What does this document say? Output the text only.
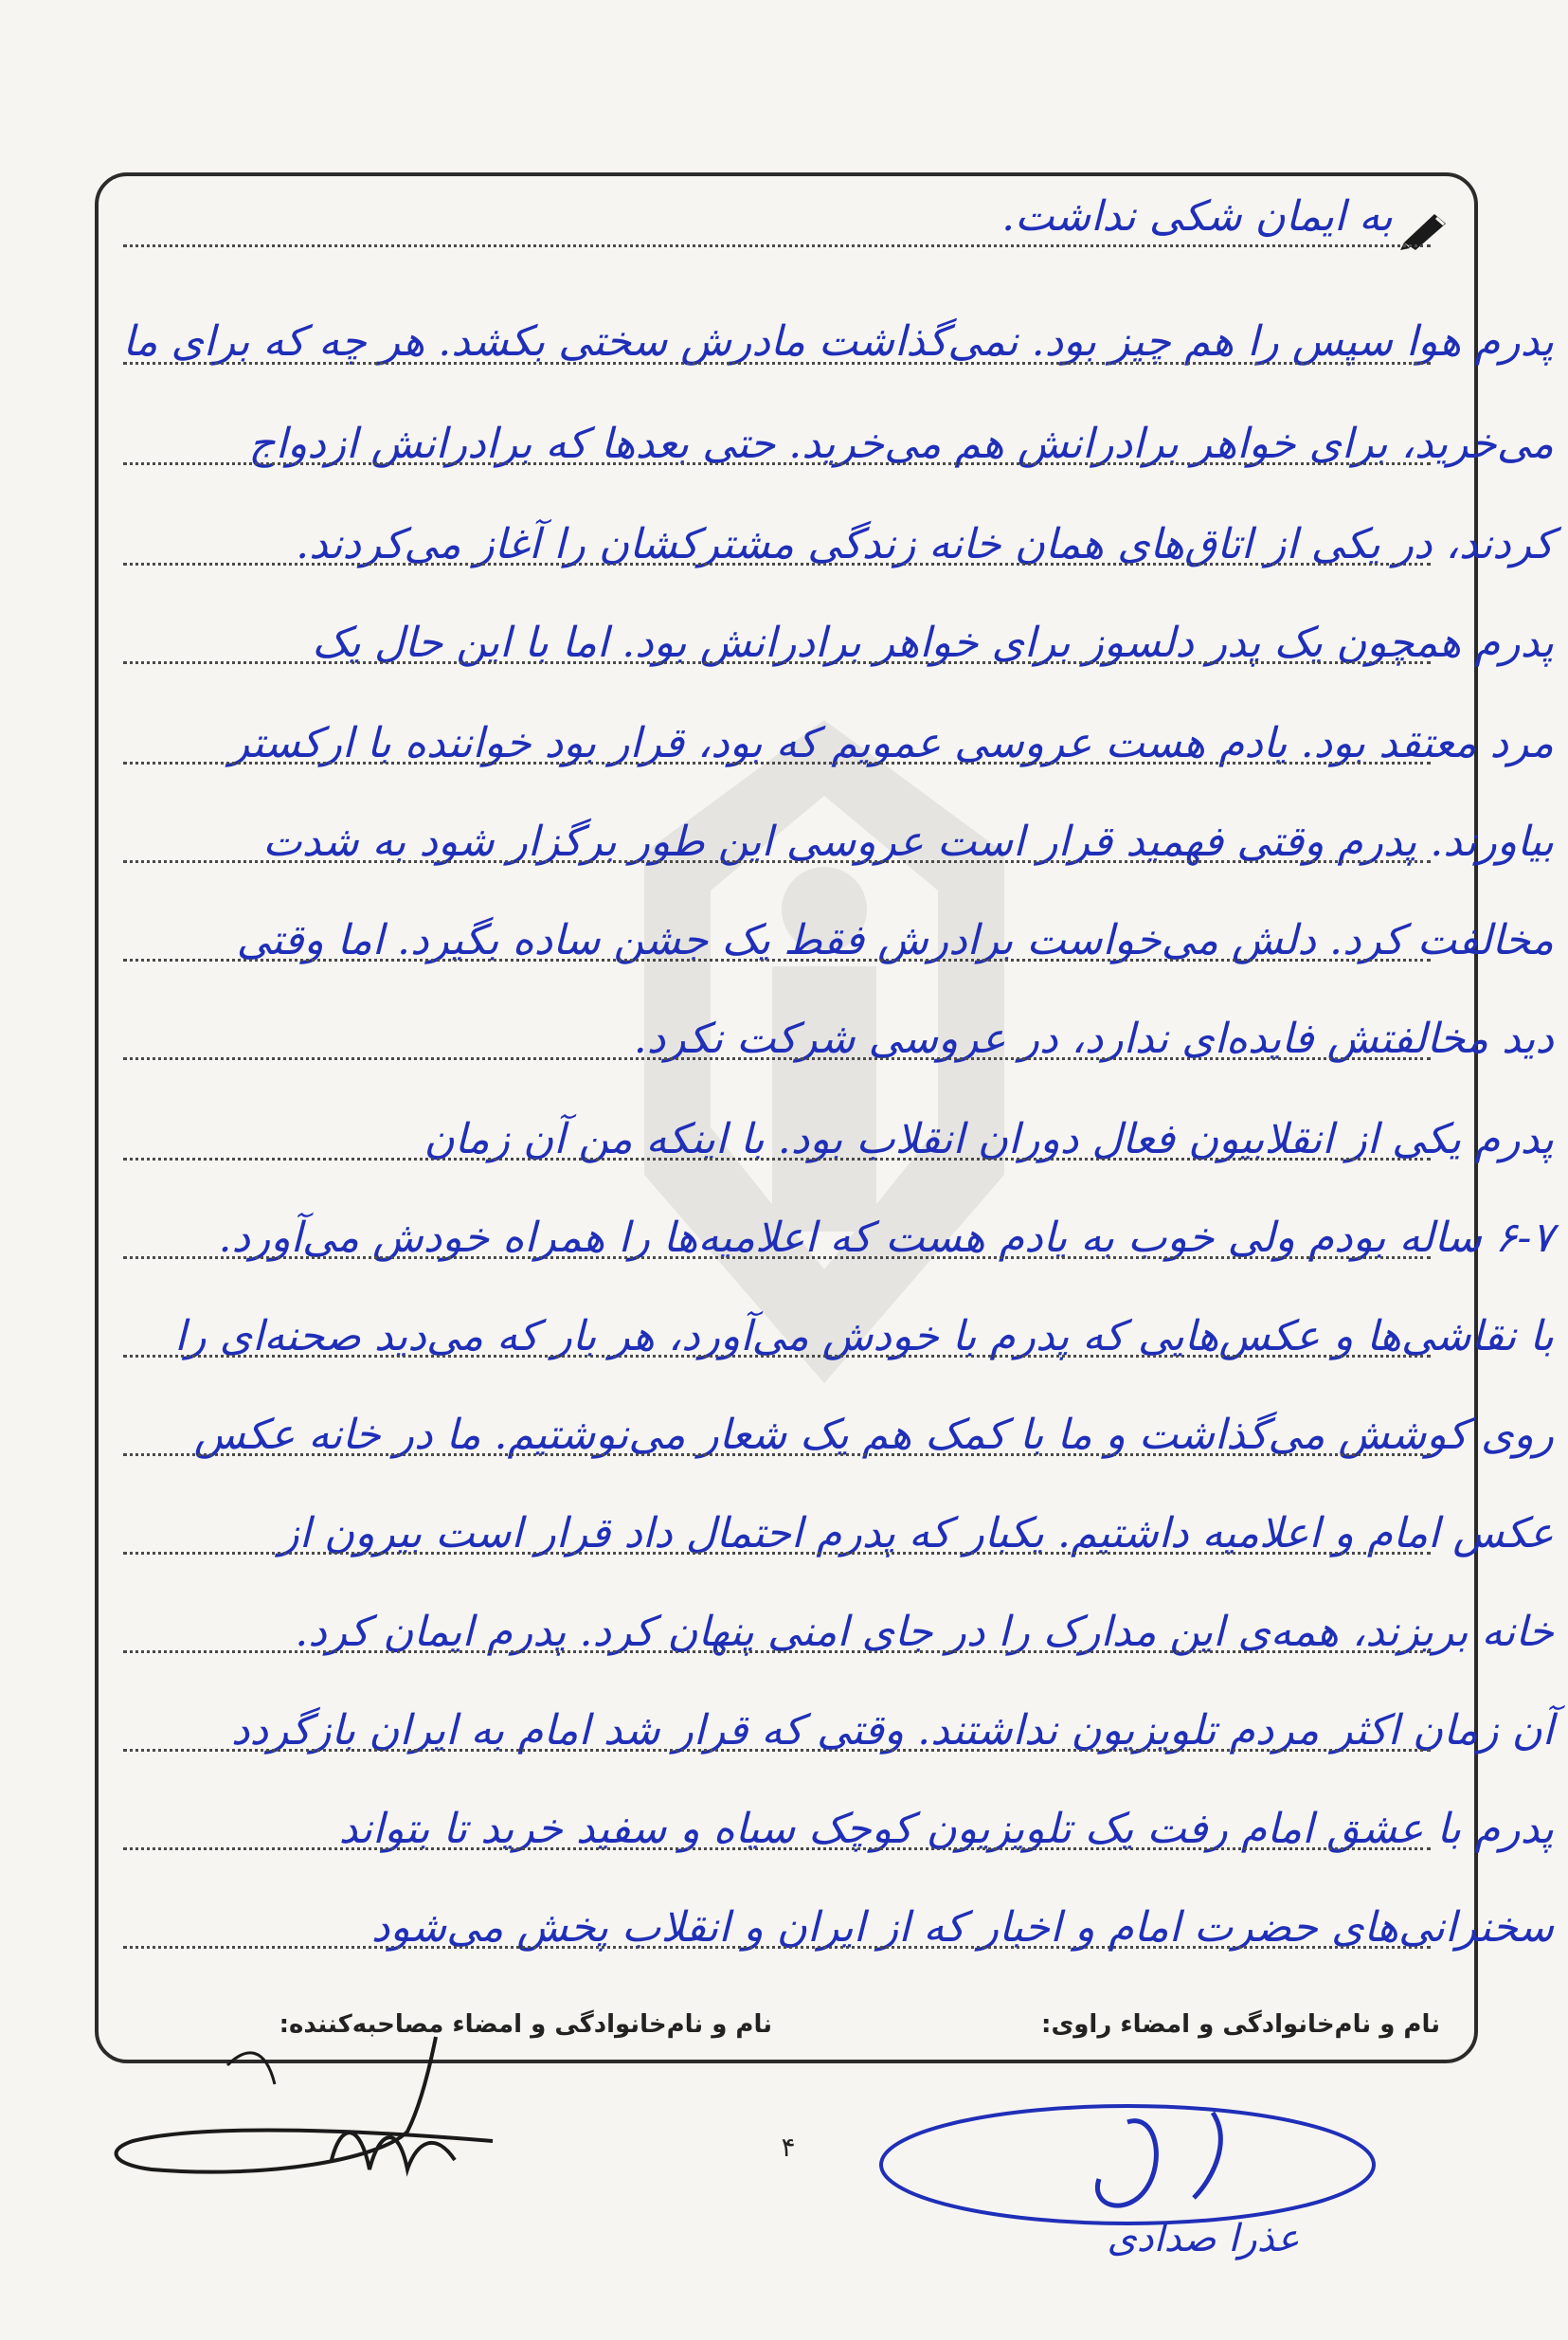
به ایمان شکی نداشت.
پدرم هوا سپس را هم چیز بود. نمی‌گذاشت مادرش سختی بکشد. هر چه که برای ما
می‌خرید، برای خواهر برادرانش هم می‌خرید. حتی بعدها که برادرانش ازدواج
کردند، در یکی از اتاق‌های همان خانه زندگی مشترکشان را آغاز می‌کردند.
پدرم همچون یک پدر دلسوز برای خواهر برادرانش بود. اما با این حال یک
مرد معتقد بود. یادم هست عروسی عمویم که بود، قرار بود خواننده با ارکستر
بیاورند. پدرم وقتی فهمید قرار است عروسی این طور برگزار شود به شدت
مخالفت کرد. دلش می‌خواست برادرش فقط یک جشن ساده بگیرد. اما وقتی
دید مخالفتش فایده‌ای ندارد، در عروسی شرکت نکرد.
پدرم یکی از انقلابیون فعال دوران انقلاب بود. با اینکه من آن زمان
۶-۷ ساله بودم ولی خوب به یادم هست که اعلامیه‌ها را همراه خودش می‌آورد.
با نقاشی‌ها و عکس‌هایی که پدرم با خودش می‌آورد، هر بار که می‌دید صحنه‌ای را
روی کوشش می‌گذاشت و ما با کمک هم یک شعار می‌نوشتیم. ما در خانه عکس
عکس امام و اعلامیه داشتیم. یکبار که پدرم احتمال داد قرار است بیرون از
خانه بریزند، همه‌ی این مدارک را در جای امنی پنهان کرد. پدرم ایمان کرد.
آن زمان اکثر مردم تلویزیون نداشتند. وقتی که قرار شد امام به ایران بازگردد
پدرم با عشق امام رفت یک تلویزیون کوچک سیاه و سفید خرید تا بتواند
سخنرانی‌های حضرت امام و اخبار که از ایران و انقلاب پخش می‌شود
نام و نام‌خانوادگی و امضاء راوی:
نام و نام‌خانوادگی و امضاء مصاحبه‌کننده:
۴
عذرا صدادی
